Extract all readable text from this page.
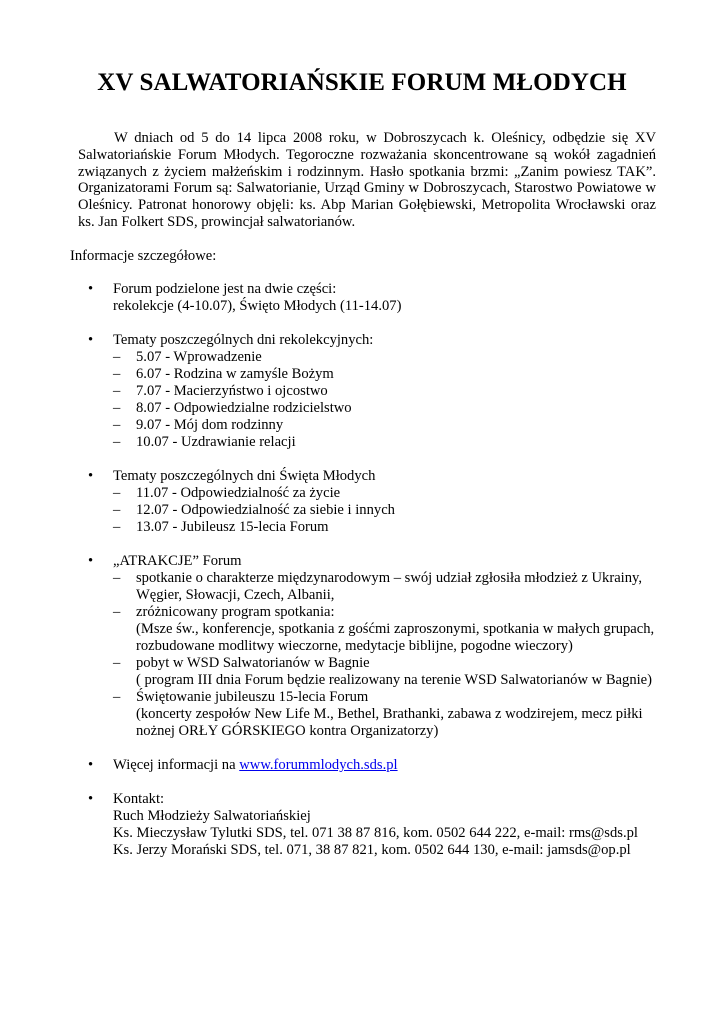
XV SALWATORIAŃSKIE FORUM MŁODYCH

W dniach od 5 do 14 lipca 2008 roku, w Dobroszycach k. Oleśnicy, odbędzie się XV Salwatoriańskie Forum Młodych. Tegoroczne rozważania skoncentrowane są wokół zagadnień związanych z życiem małżeńskim i rodzinnym. Hasło spotkania brzmi: „Zanim powiesz TAK”. Organizatorami Forum są: Salwatorianie, Urząd Gminy w Dobroszycach, Starostwo Powiatowe w Oleśnicy. Patronat honorowy objęli: ks. Abp Marian Gołębiewski, Metropolita Wrocławski oraz ks. Jan Folkert SDS, prowincjał salwatorianów.

Informacje szczegółowe:

•	Forum podzielone jest na dwie części:
rekolekcje (4-10.07), Święto Młodych (11-14.07)
•	Tematy poszczególnych dni rekolekcyjnych:
– 5.07 - Wprowadzenie
– 6.07 - Rodzina w zamyśle Bożym
– 7.07 - Macierzyństwo i ojcostwo
– 8.07 - Odpowiedzialne rodzicielstwo
– 9.07 - Mój dom rodzinny
– 10.07 - Uzdrawianie relacji
•	Tematy poszczególnych dni Święta Młodych
– 11.07 - Odpowiedzialność za życie
– 12.07 - Odpowiedzialność za siebie i innych
– 13.07 - Jubileusz 15-lecia Forum
•	„ATRAKCJE” Forum
– spotkanie o charakterze międzynarodowym – swój udział zgłosiła młodzież z Ukrainy, Węgier, Słowacji, Czech, Albanii,
– zróżnicowany program spotkania:
(Msze św., konferencje, spotkania z gośćmi zaproszonymi, spotkania w małych grupach, rozbudowane modlitwy wieczorne, medytacje biblijne, pogodne wieczory)
– pobyt w WSD Salwatorianów w Bagnie
( program III dnia Forum będzie realizowany na terenie WSD Salwatorianów w Bagnie)
– Świętowanie jubileuszu 15-lecia Forum
(koncerty zespołów New Life M., Bethel, Brathanki, zabawa z wodzirejem, mecz piłki nożnej ORŁY GÓRSKIEGO kontra Organizatorzy)
•	Więcej informacji na www.forummlodych.sds.pl
•	Kontakt:
Ruch Młodzieży Salwatoriańskiej
Ks. Mieczysław Tylutki SDS, tel. 071 38 87 816, kom. 0502 644 222, e-mail: rms@sds.pl
Ks. Jerzy Morański SDS, tel. 071, 38 87 821, kom. 0502 644 130, e-mail: jamsds@op.pl
